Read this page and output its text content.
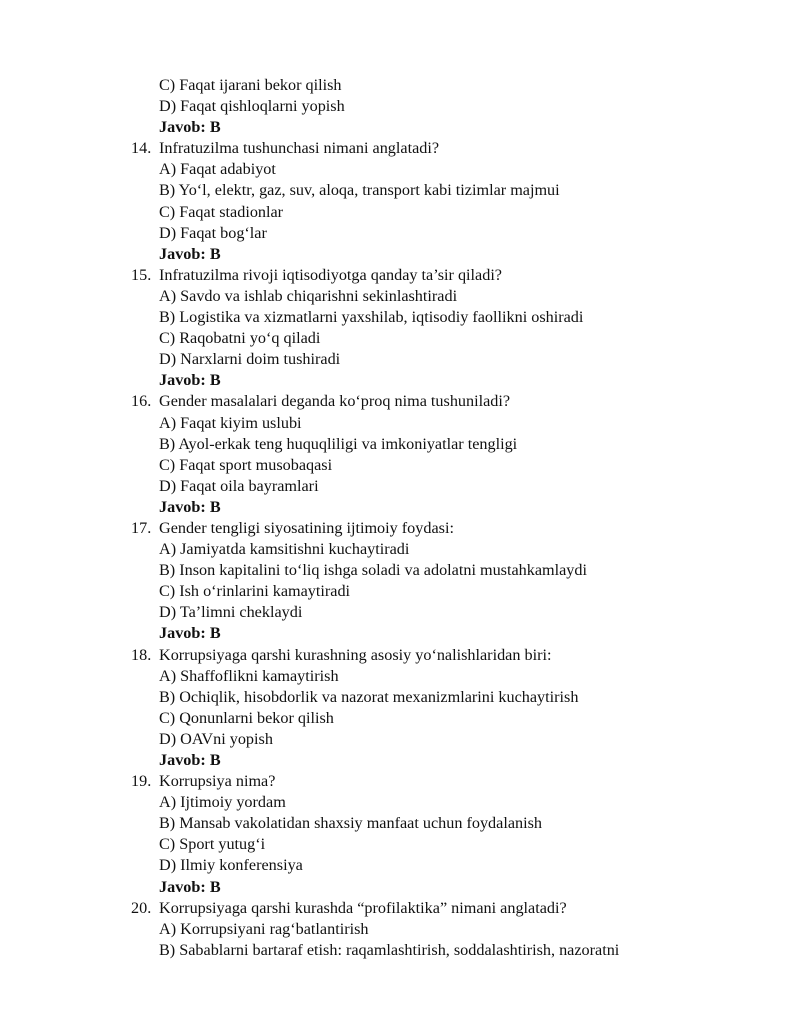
C) Faqat ijarani bekor qilish
D) Faqat qishloqlarni yopish
Javob: B
14. Infratuzilma tushunchasi nimani anglatadi?
A) Faqat adabiyot
B) Yo‘l, elektr, gaz, suv, aloqa, transport kabi tizimlar majmui
C) Faqat stadionlar
D) Faqat bog‘lar
Javob: B
15. Infratuzilma rivoji iqtisodiyotga qanday ta’sir qiladi?
A) Savdo va ishlab chiqarishni sekinlashtiradi
B) Logistika va xizmatlarni yaxshilab, iqtisodiy faollikni oshiradi
C) Raqobatni yo‘q qiladi
D) Narxlarni doim tushiradi
Javob: B
16. Gender masalalari deganda ko‘proq nima tushuniladi?
A) Faqat kiyim uslubi
B) Ayol-erkak teng huquqliligi va imkoniyatlar tengligi
C) Faqat sport musobaqasi
D) Faqat oila bayramlari
Javob: B
17. Gender tengligi siyosatining ijtimoiy foydasi:
A) Jamiyatda kamsitishni kuchaytiradi
B) Inson kapitalini to‘liq ishga soladi va adolatni mustahkamlaydi
C) Ish o‘rinlarini kamaytiradi
D) Ta’limni cheklaydi
Javob: B
18. Korrupsiyaga qarshi kurashning asosiy yo‘nalishlaridan biri:
A) Shaffoflikni kamaytirish
B) Ochiqlik, hisobdorlik va nazorat mexanizmlarini kuchaytirish
C) Qonunlarni bekor qilish
D) OAVni yopish
Javob: B
19. Korrupsiya nima?
A) Ijtimoiy yordam
B) Mansab vakolatidan shaxsiy manfaat uchun foydalanish
C) Sport yutug‘i
D) Ilmiy konferensiya
Javob: B
20. Korrupsiyaga qarshi kurashda “profilaktika” nimani anglatadi?
A) Korrupsiyani rag‘batlantirish
B) Sabablarni bartaraf etish: raqamlashtirish, soddalashtirish, nazoratni
